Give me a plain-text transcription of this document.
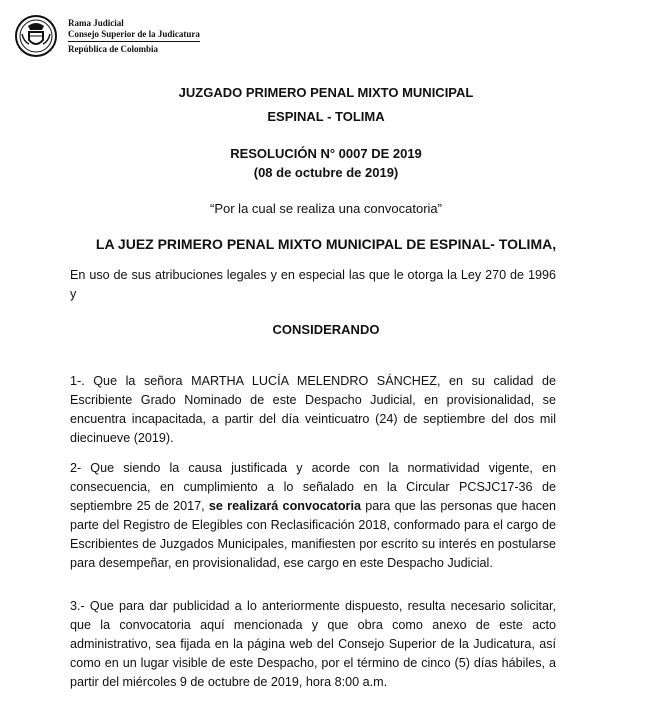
Rama Judicial
Consejo Superior de la Judicatura
República de Colombia
JUZGADO PRIMERO PENAL MIXTO MUNICIPAL
ESPINAL - TOLIMA
RESOLUCIÓN N° 0007 DE 2019
(08 de octubre de 2019)
“Por la cual se realiza una convocatoria”
LA JUEZ PRIMERO PENAL MIXTO MUNICIPAL DE ESPINAL- TOLIMA,
En uso de sus atribuciones legales y en especial las que le otorga la Ley 270 de 1996 y
CONSIDERANDO
1-. Que la señora MARTHA LUCÍA MELENDRO SÁNCHEZ, en su calidad de Escribiente Grado Nominado de este Despacho Judicial, en provisionalidad, se encuentra incapacitada, a partir del día veinticuatro (24) de septiembre del dos mil diecinueve (2019).
2- Que siendo la causa justificada y acorde con la normatividad vigente, en consecuencia, en cumplimiento a lo señalado en la Circular PCSJC17-36 de septiembre 25 de 2017, se realizará convocatoria para que las personas que hacen parte del Registro de Elegibles con Reclasificación 2018, conformado para el cargo de Escribientes de Juzgados Municipales, manifiesten por escrito su interés en postularse para desempeñar, en provisionalidad, ese cargo en este Despacho Judicial.
3.- Que para dar publicidad a lo anteriormente dispuesto, resulta necesario solicitar, que la convocatoria aquí mencionada y que obra como anexo de este acto administrativo, sea fijada en la página web del Consejo Superior de la Judicatura, así como en un lugar visible de este Despacho, por el término de cinco (5) días hábiles, a partir del miércoles 9 de octubre de 2019, hora 8:00 a.m.
